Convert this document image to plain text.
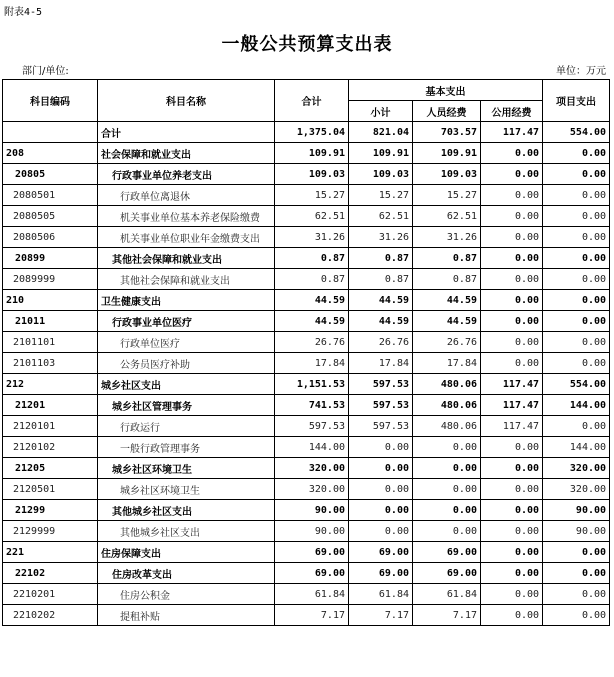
附表4-5
一般公共预算支出表
部门/单位:	单位：万元
科目编码	科目名称	合计	基本支出			项目支出
			小计	人员经费	公用经费	
	合计	1,375.04	821.04	703.57	117.47	554.00
208	社会保障和就业支出	109.91	109.91	109.91	0.00	0.00
20805	行政事业单位养老支出	109.03	109.03	109.03	0.00	0.00
2080501	行政单位离退休	15.27	15.27	15.27	0.00	0.00
2080505	机关事业单位基本养老保险缴费	62.51	62.51	62.51	0.00	0.00
2080506	机关事业单位职业年金缴费支出	31.26	31.26	31.26	0.00	0.00
20899	其他社会保障和就业支出	0.87	0.87	0.87	0.00	0.00
2089999	其他社会保障和就业支出	0.87	0.87	0.87	0.00	0.00
210	卫生健康支出	44.59	44.59	44.59	0.00	0.00
21011	行政事业单位医疗	44.59	44.59	44.59	0.00	0.00
2101101	行政单位医疗	26.76	26.76	26.76	0.00	0.00
2101103	公务员医疗补助	17.84	17.84	17.84	0.00	0.00
212	城乡社区支出	1,151.53	597.53	480.06	117.47	554.00
21201	城乡社区管理事务	741.53	597.53	480.06	117.47	144.00
2120101	行政运行	597.53	597.53	480.06	117.47	0.00
2120102	一般行政管理事务	144.00	0.00	0.00	0.00	144.00
21205	城乡社区环境卫生	320.00	0.00	0.00	0.00	320.00
2120501	城乡社区环境卫生	320.00	0.00	0.00	0.00	320.00
21299	其他城乡社区支出	90.00	0.00	0.00	0.00	90.00
2129999	其他城乡社区支出	90.00	0.00	0.00	0.00	90.00
221	住房保障支出	69.00	69.00	69.00	0.00	0.00
22102	住房改革支出	69.00	69.00	69.00	0.00	0.00
2210201	住房公积金	61.84	61.84	61.84	0.00	0.00
2210202	提租补贴	7.17	7.17	7.17	0.00	0.00
